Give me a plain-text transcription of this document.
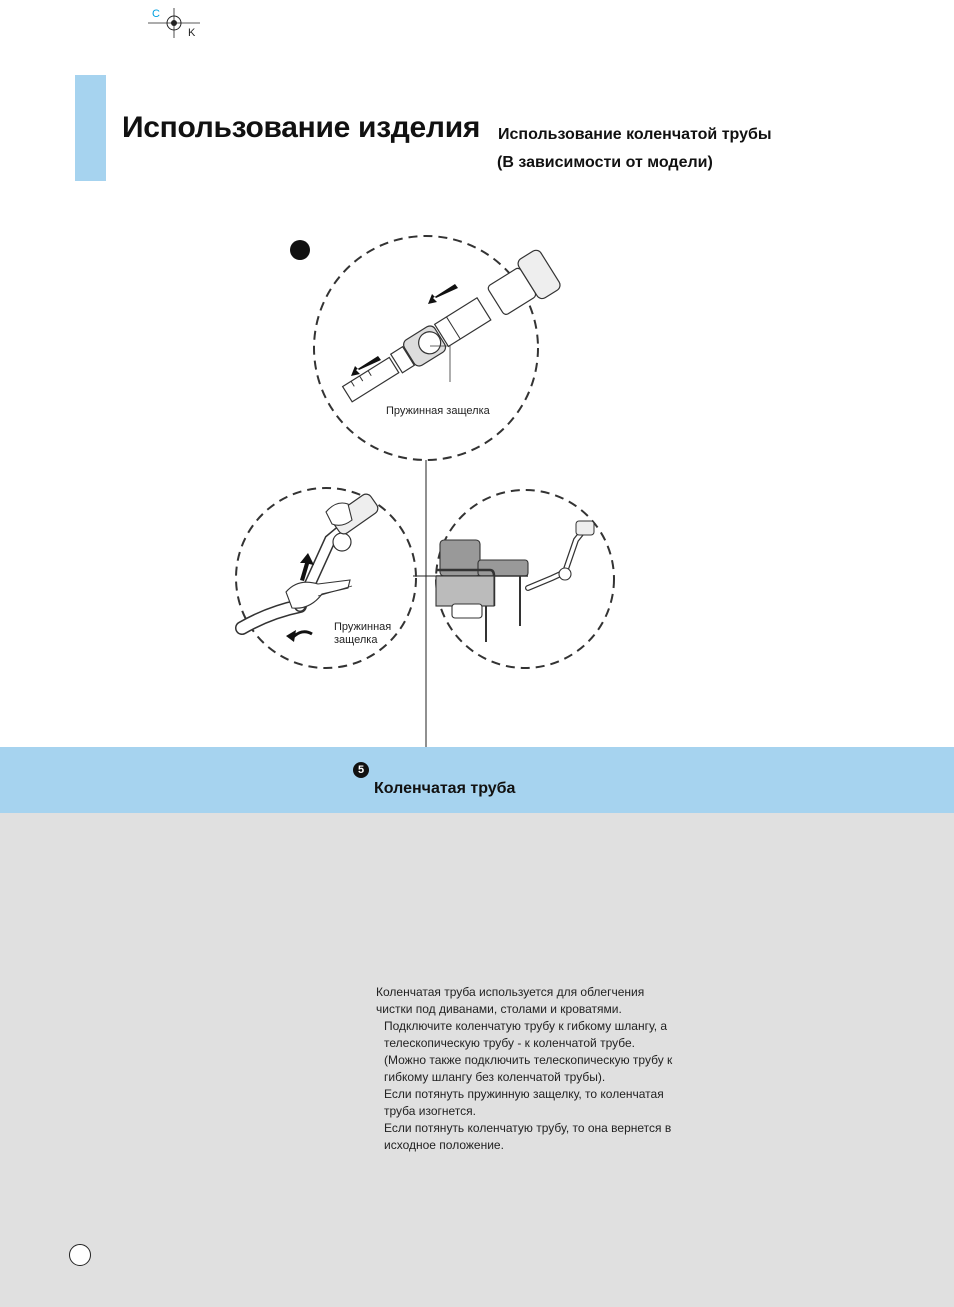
C
K
Использование изделия Использование коленчатой трубы
(В зависимости от модели)
Пружинная защелка
Пружинная
защелка
5
Коленчатая труба

Коленчатая труба используется для облегчения

чистки под диванами, столами и кроватями.

Подключите коленчатую трубу к гибкому шлангу, а

телескопическую трубу - к коленчатой трубе.

(Можно также подключить телескопическую трубу к

гибкому шлангу без коленчатой трубы).

Если потянуть пружинную защелку, то коленчатая

труба изогнется.

Если потянуть коленчатую трубу, то она вернется в

исходное положение.
